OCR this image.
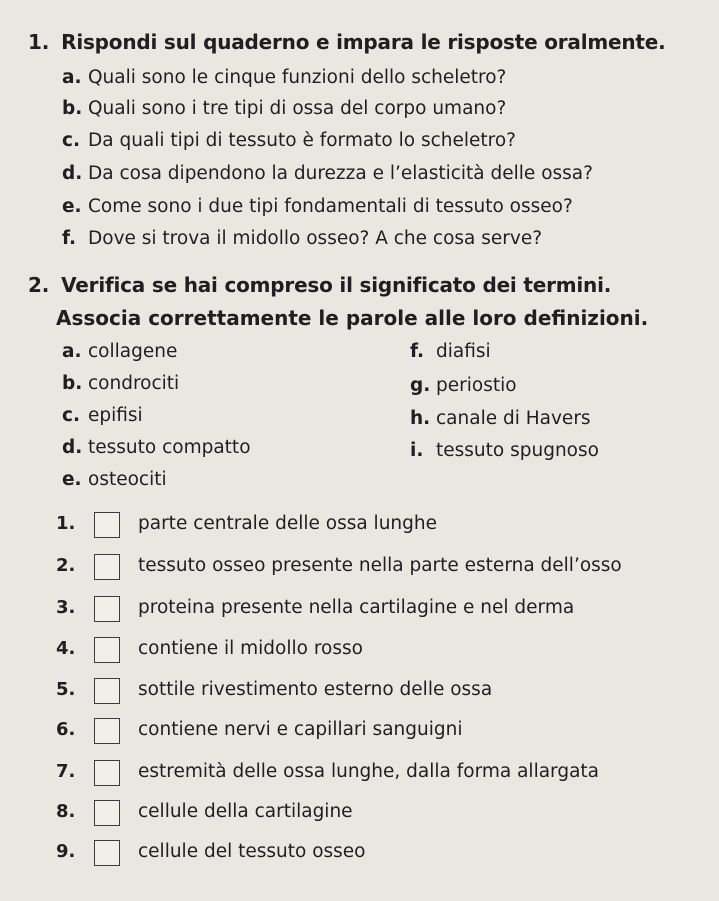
1. Rispondi sul quaderno e impara le risposte oralmente.
a. Quali sono le cinque funzioni dello scheletro?
b. Quali sono i tre tipi di ossa del corpo umano?
c. Da quali tipi di tessuto è formato lo scheletro?
d. Da cosa dipendono la durezza e l’elasticità delle ossa?
e. Come sono i due tipi fondamentali di tessuto osseo?
f. Dove si trova il midollo osseo? A che cosa serve?
2. Verifica se hai compreso il significato dei termini.
Associa correttamente le parole alle loro definizioni.
a. collagene
b. condrociti
c. epifisi
d. tessuto compatto
e. osteociti
f. diafisi
g. periostio
h. canale di Havers
i. tessuto spugnoso
1.	parte centrale delle ossa lunghe
2.	tessuto osseo presente nella parte esterna dell’osso
3.	proteina presente nella cartilagine e nel derma
4.	contiene il midollo rosso
5.	sottile rivestimento esterno delle ossa
6.	contiene nervi e capillari sanguigni
7.	estremità delle ossa lunghe, dalla forma allargata
8.	cellule della cartilagine
9.	cellule del tessuto osseo
